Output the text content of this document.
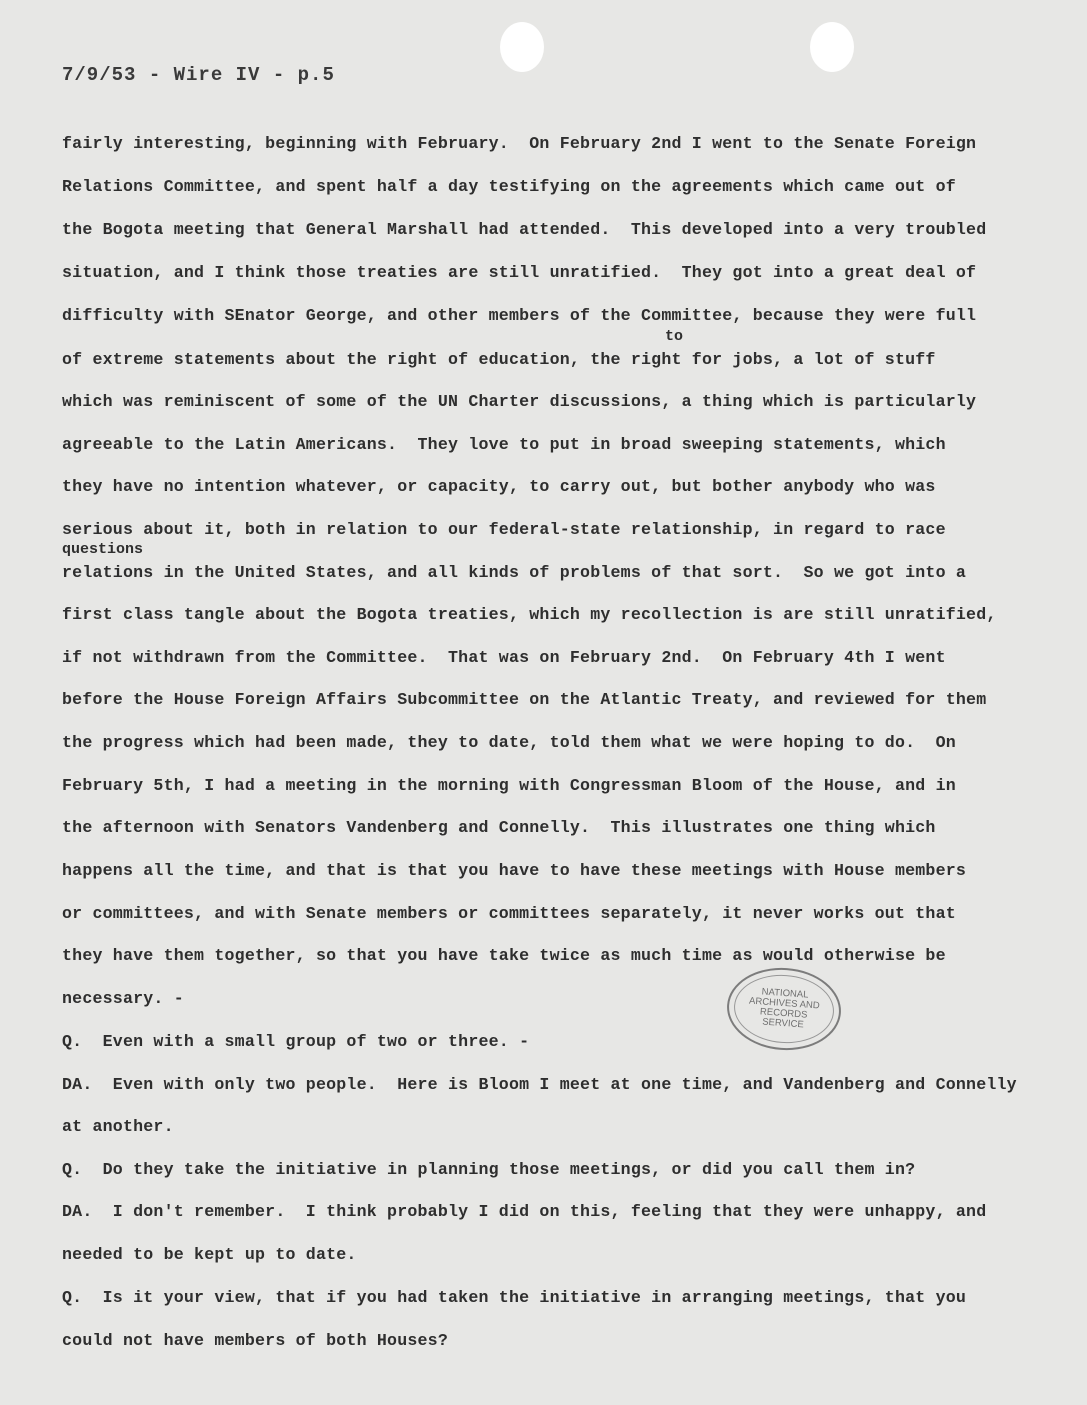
7/9/53 - Wire IV - p.5
fairly interesting, beginning with February.  On February 2nd I went to the Senate Foreign
Relations Committee, and spent half a day testifying on the agreements which came out of
the Bogota meeting that General Marshall had attended.  This developed into a very troubled
situation, and I think those treaties are still unratified.  They got into a great deal of
difficulty with SEnator George, and other members of the Committee, because they were full
to
of extreme statements about the right of education, the right for jobs, a lot of stuff
which was reminiscent of some of the UN Charter discussions, a thing which is particularly
agreeable to the Latin Americans.  They love to put in broad sweeping statements, which
they have no intention whatever, or capacity, to carry out, but bother anybody who was
serious about it, both in relation to our federal-state relationship, in regard to race
questions
relations in the United States, and all kinds of problems of that sort.  So we got into a
first class tangle about the Bogota treaties, which my recollection is are still unratified,
if not withdrawn from the Committee.  That was on February 2nd.  On February 4th I went
before the House Foreign Affairs Subcommittee on the Atlantic Treaty, and reviewed for them
the progress which had been made, they to date, told them what we were hoping to do.  On
February 5th, I had a meeting in the morning with Congressman Bloom of the House, and in
the afternoon with Senators Vandenberg and Connelly.  This illustrates one thing which
happens all the time, and that is that you have to have these meetings with House members
or committees, and with Senate members or committees separately, it never works out that
they have them together, so that you have take twice as much time as would otherwise be
necessary. -
Q.  Even with a small group of two or three. -
DA.  Even with only two people.  Here is Bloom I meet at one time, and Vandenberg and Connelly
at another.
Q.  Do they take the initiative in planning those meetings, or did you call them in?
DA.  I don't remember.  I think probably I did on this, feeling that they were unhappy, and
needed to be kept up to date.
Q.  Is it your view, that if you had taken the initiative in arranging meetings, that you
could not have members of both Houses?
NATIONAL ARCHIVES AND RECORDS SERVICE
